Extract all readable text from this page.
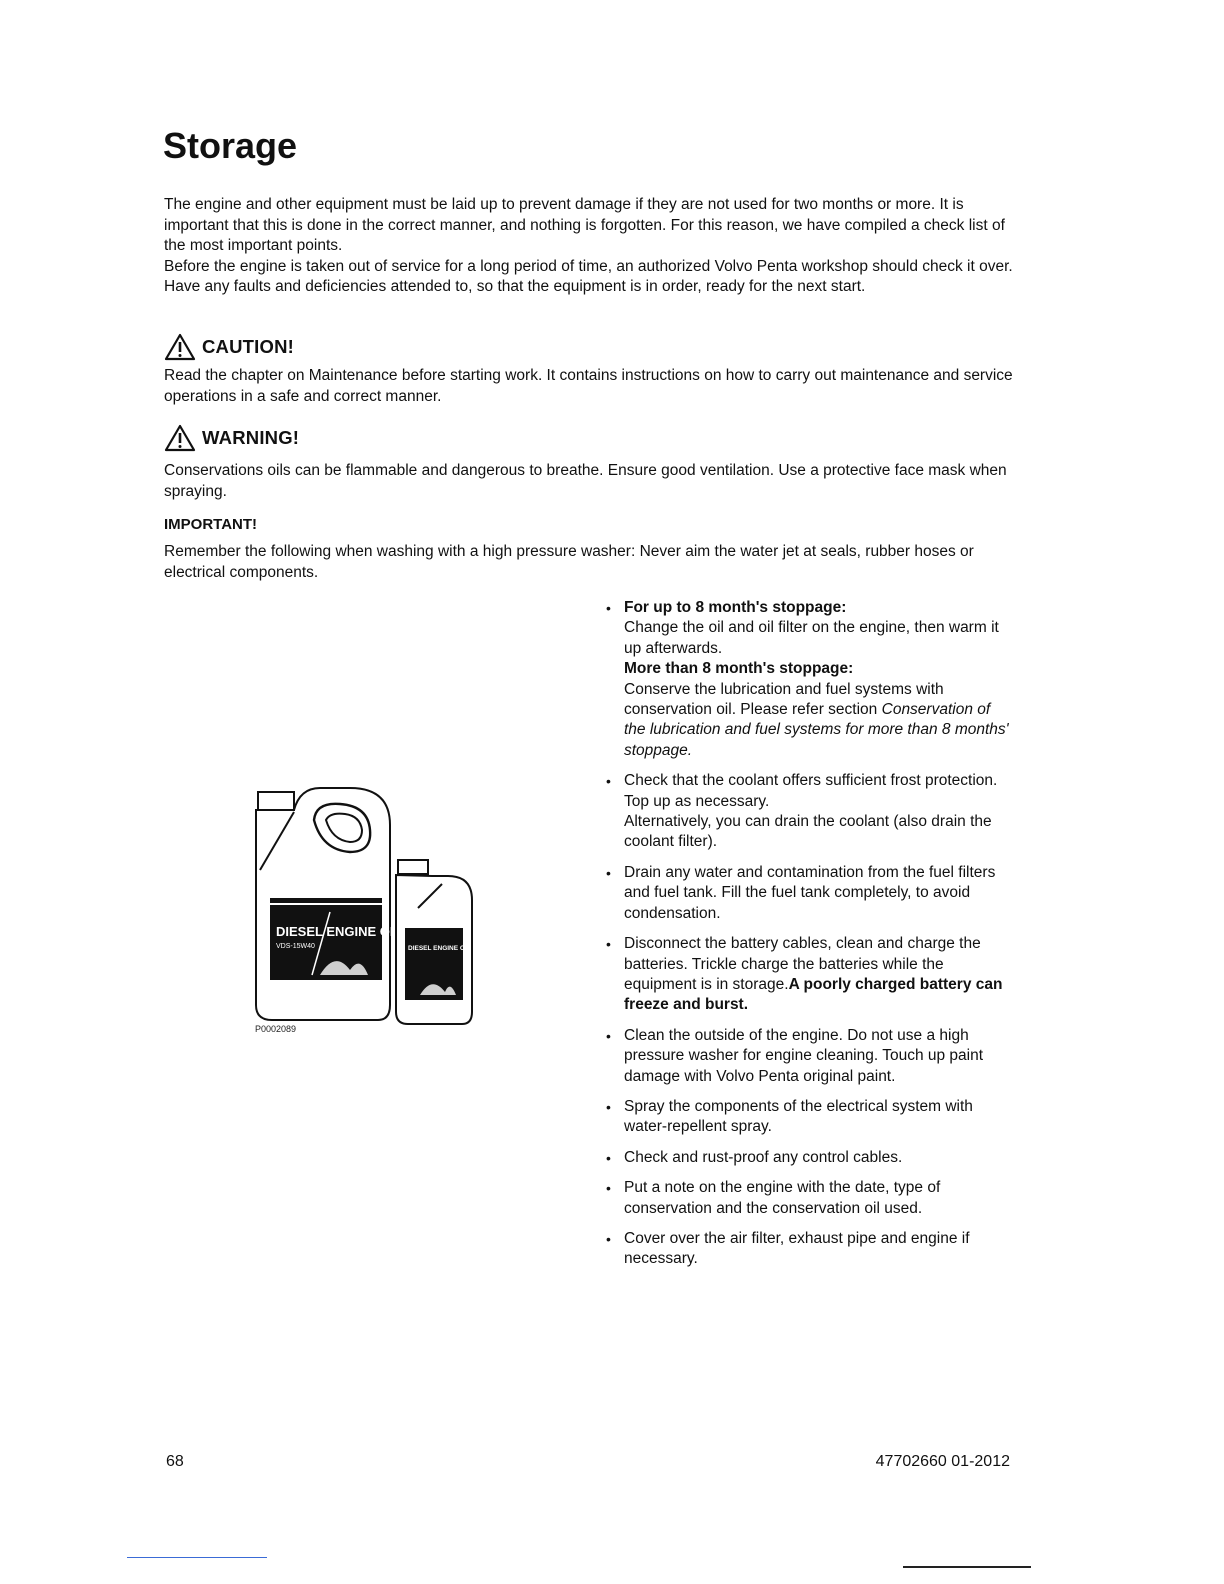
Storage

The engine and other equipment must be laid up to prevent damage if they are not used for two months or more. It is important that this is done in the correct manner, and nothing is forgotten. For this reason, we have compiled a check list of the most important points.

Before the engine is taken out of service for a long period of time, an authorized Volvo Penta workshop should check it over. Have any faults and deficiencies attended to, so that the equipment is in order, ready for the next start.

CAUTION!

Read the chapter on Maintenance before starting work. It contains instructions on how to carry out maintenance and service operations in a safe and correct manner.

WARNING!

Conservations oils can be flammable and dangerous to breathe. Ensure good ventilation. Use a protective face mask when spraying.

IMPORTANT!

Remember the following when washing with a high pressure washer: Never aim the water jet at seals, rubber hoses or electrical components.

DIESEL ENGINE OIL
VDS-15W40	DIESEL ENGINE OIL
P0002089
• For up to 8 month's stoppage:
Change the oil and oil filter on the engine, then warm it up afterwards.
More than 8 month's stoppage:
Conserve the lubrication and fuel systems with conservation oil. Please refer section Conservation of the lubrication and fuel systems for more than 8 months' stoppage.
• Check that the coolant offers sufficient frost protection. Top up as necessary.
Alternatively, you can drain the coolant (also drain the coolant filter).
• Drain any water and contamination from the fuel filters and fuel tank. Fill the fuel tank completely, to avoid condensation.
• Disconnect the battery cables, clean and charge the batteries. Trickle charge the batteries while the equipment is in storage.A poorly charged battery can freeze and burst.
• Clean the outside of the engine. Do not use a high pressure washer for engine cleaning. Touch up paint damage with Volvo Penta original paint.
• Spray the components of the electrical system with water-repellent spray.
• Check and rust-proof any control cables.
• Put a note on the engine with the date, type of conservation and the conservation oil used.
• Cover over the air filter, exhaust pipe and engine if necessary.
68	47702660 01-2012
